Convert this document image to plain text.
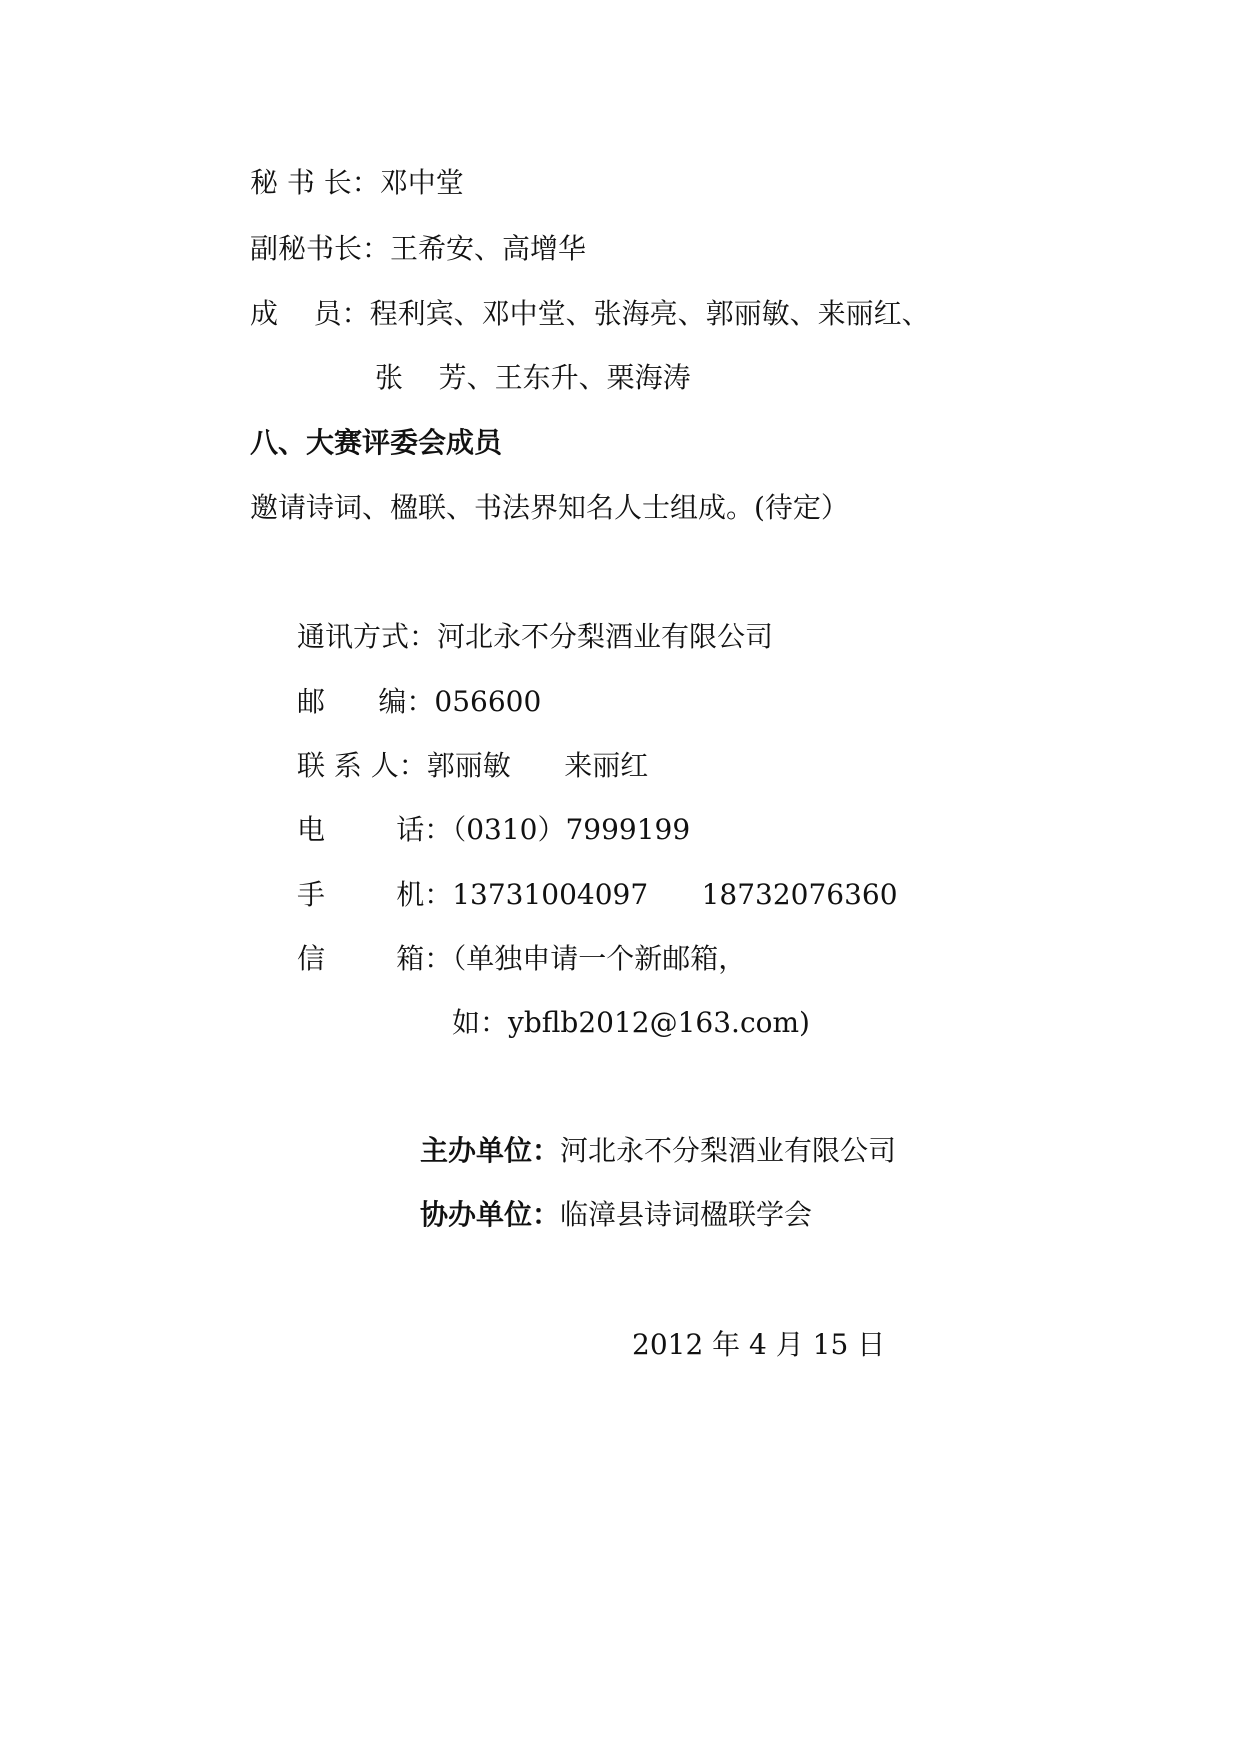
秘 书 长：邓中堂

副秘书长：王希安、高增华

成    员：程利宾、邓中堂、张海亮、郭丽敏、来丽红、

张    芳、王东升、栗海涛

八、大赛评委会成员

邀请诗词、楹联、书法界知名人士组成。(待定）

通讯方式：河北永不分梨酒业有限公司

邮      编：056600

联 系 人：郭丽敏      来丽红

电        话：（0310）7999199

手        机：13731004097      18732076360

信        箱：（单独申请一个新邮箱，

如：ybflb2012@163.com)

主办单位：河北永不分梨酒业有限公司

协办单位：临漳县诗词楹联学会

2012 年 4 月 15 日
